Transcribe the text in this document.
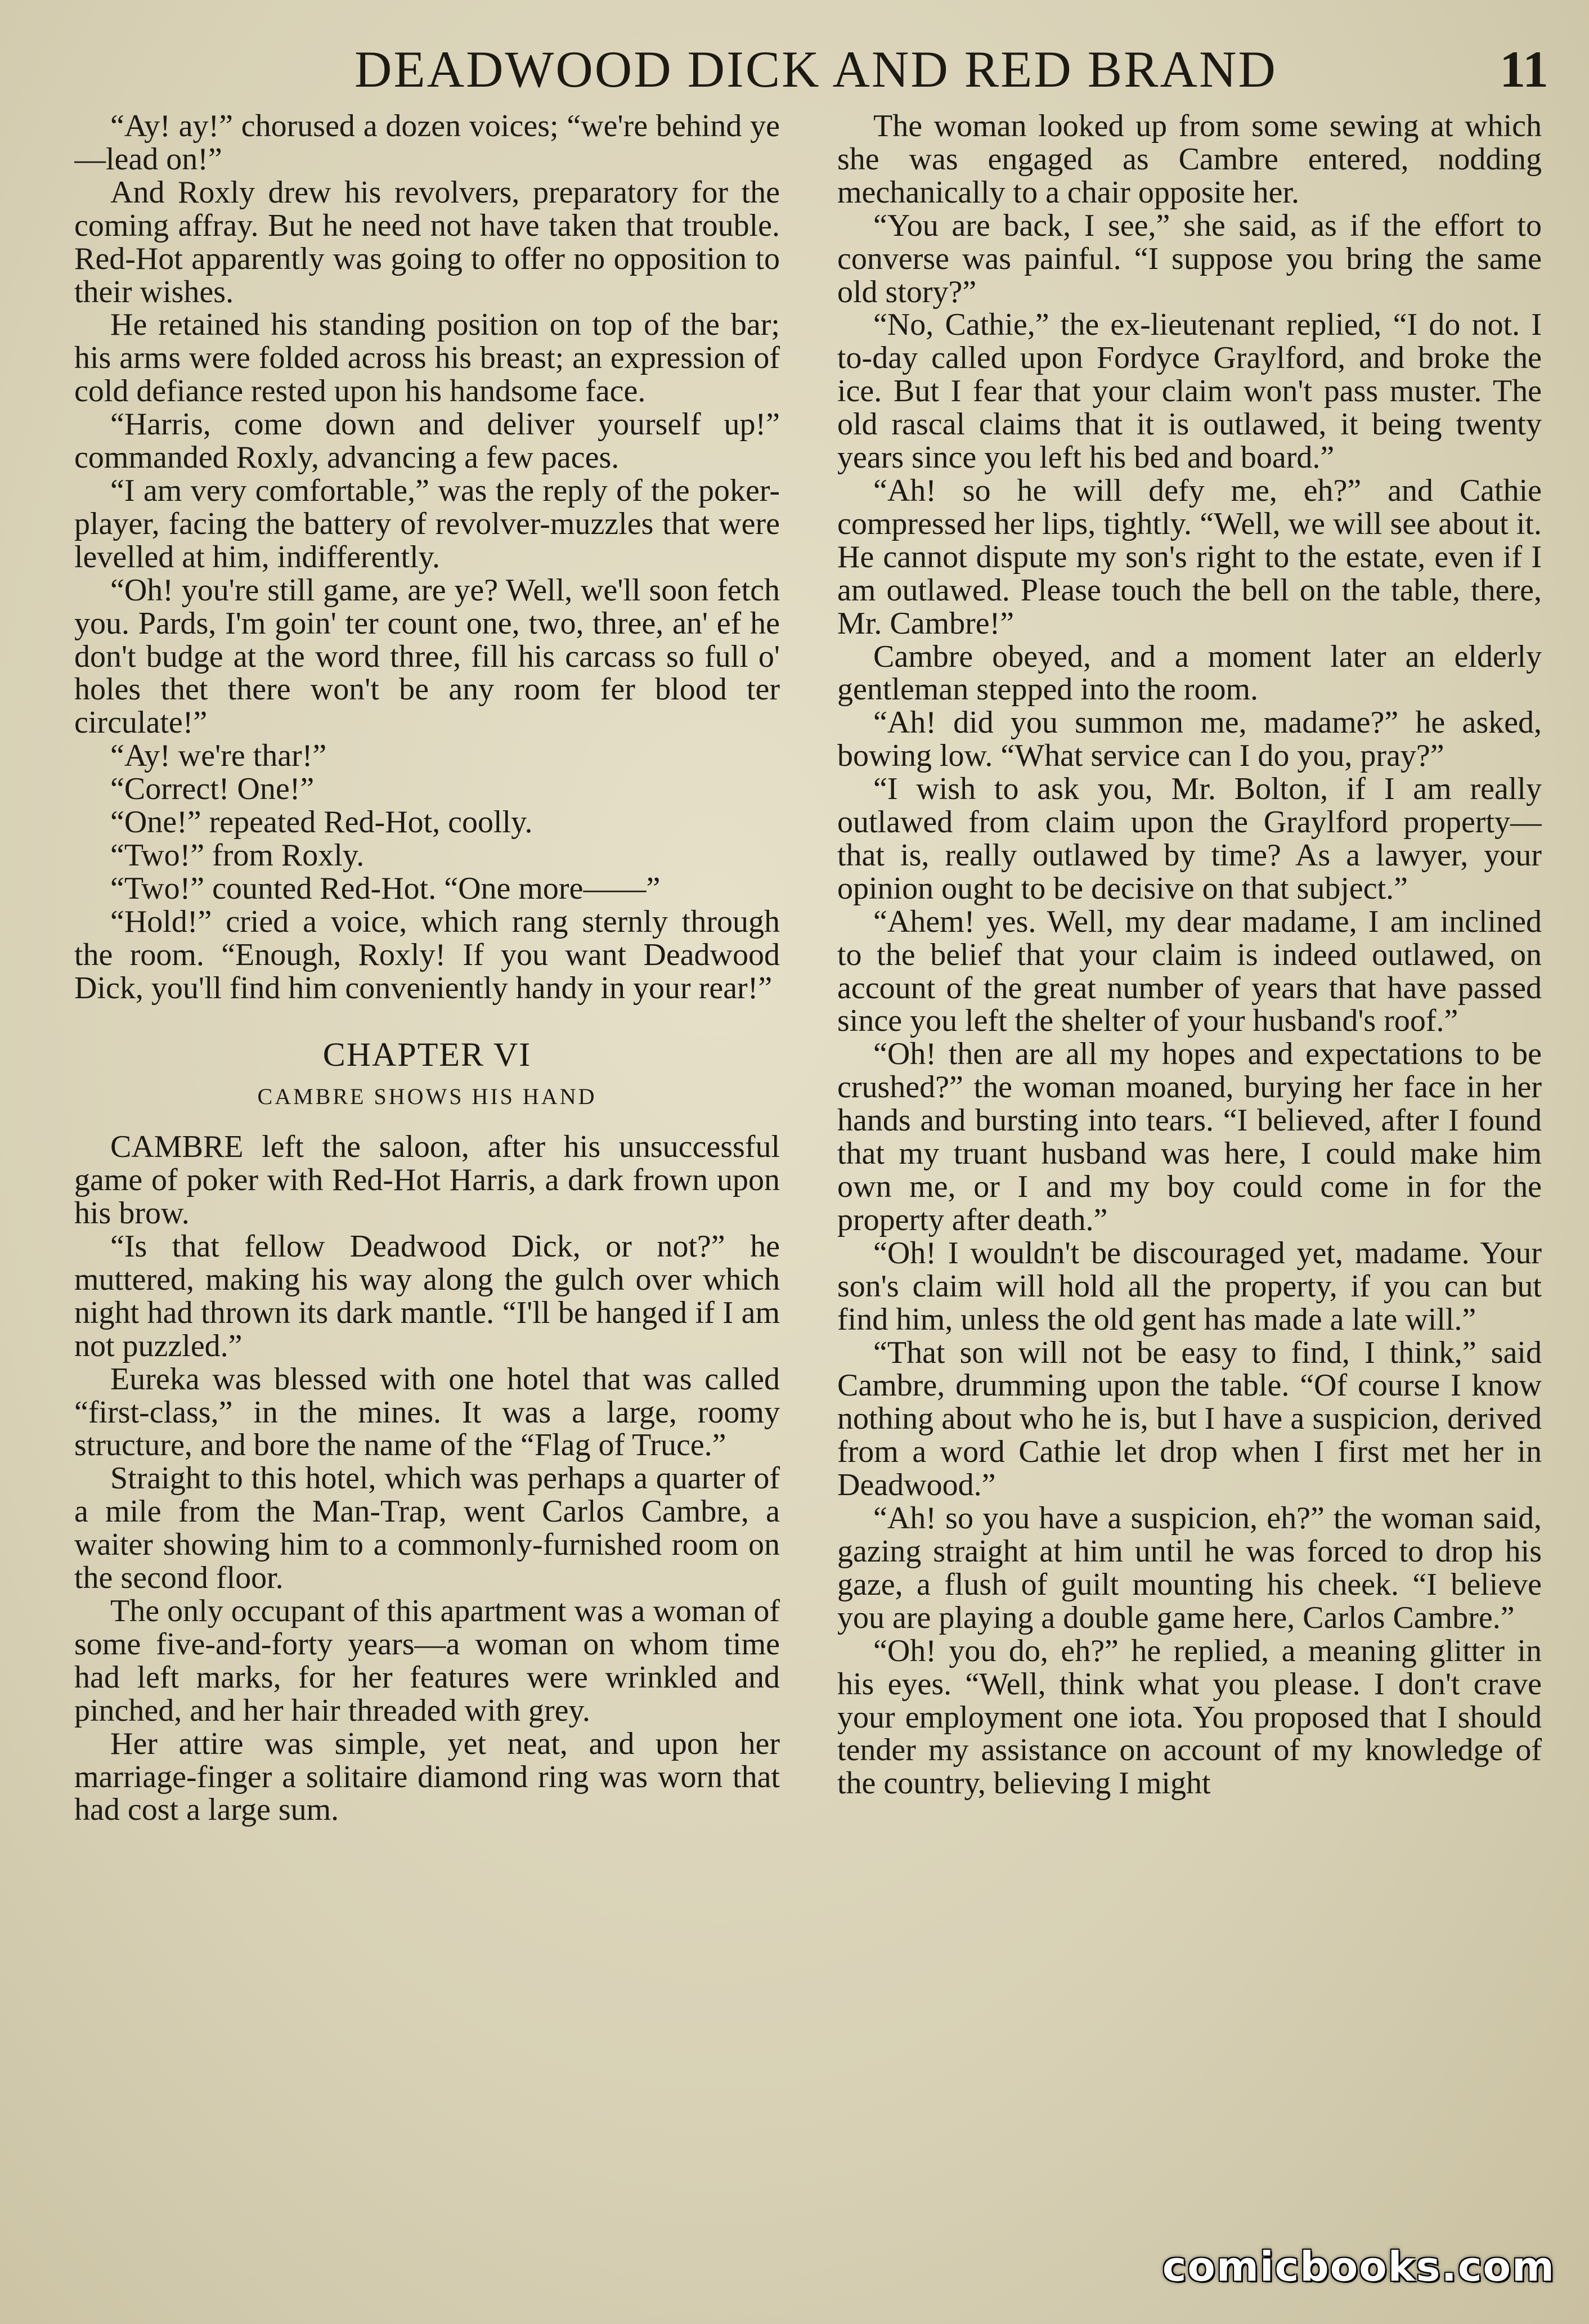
DEADWOOD DICK AND RED BRAND	11

“Ay! ay!” chorused a dozen voices; “we're behind ye—lead on!”

And Roxly drew his revolvers, preparatory for the coming affray. But he need not have taken that trouble. Red-Hot apparently was going to offer no opposition to their wishes.

He retained his standing position on top of the bar; his arms were folded across his breast; an expression of cold defiance rested upon his handsome face.

“Harris, come down and deliver yourself up!” commanded Roxly, advancing a few paces.

“I am very comfortable,” was the reply of the poker-player, facing the battery of revolver-muzzles that were levelled at him, indifferently.

“Oh! you're still game, are ye? Well, we'll soon fetch you. Pards, I'm goin' ter count one, two, three, an' ef he don't budge at the word three, fill his carcass so full o' holes thet there won't be any room fer blood ter circulate!”

“Ay! we're thar!”

“Correct! One!”

“One!” repeated Red-Hot, coolly.

“Two!” from Roxly.

“Two!” counted Red-Hot. “One more——”

“Hold!” cried a voice, which rang sternly through the room. “Enough, Roxly! If you want Deadwood Dick, you'll find him conveniently handy in your rear!”

CHAPTER VI

CAMBRE SHOWS HIS HAND

CAMBRE left the saloon, after his unsuccessful game of poker with Red-Hot Harris, a dark frown upon his brow.

“Is that fellow Deadwood Dick, or not?” he muttered, making his way along the gulch over which night had thrown its dark mantle. “I'll be hanged if I am not puzzled.”

Eureka was blessed with one hotel that was called “first-class,” in the mines. It was a large, roomy structure, and bore the name of the “Flag of Truce.”

Straight to this hotel, which was perhaps a quarter of a mile from the Man-Trap, went Carlos Cambre, a waiter showing him to a commonly-furnished room on the second floor.

The only occupant of this apartment was a woman of some five-and-forty years—a woman on whom time had left marks, for her features were wrinkled and pinched, and her hair threaded with grey.

Her attire was simple, yet neat, and upon her marriage-finger a solitaire diamond ring was worn that had cost a large sum.

The woman looked up from some sewing at which she was engaged as Cambre entered, nodding mechanically to a chair opposite her.

“You are back, I see,” she said, as if the effort to converse was painful. “I suppose you bring the same old story?”

“No, Cathie,” the ex-lieutenant replied, “I do not. I to-day called upon Fordyce Graylford, and broke the ice. But I fear that your claim won't pass muster. The old rascal claims that it is outlawed, it being twenty years since you left his bed and board.”

“Ah! so he will defy me, eh?” and Cathie compressed her lips, tightly. “Well, we will see about it. He cannot dispute my son's right to the estate, even if I am outlawed. Please touch the bell on the table, there, Mr. Cambre!”

Cambre obeyed, and a moment later an elderly gentleman stepped into the room.

“Ah! did you summon me, madame?” he asked, bowing low. “What service can I do you, pray?”

“I wish to ask you, Mr. Bolton, if I am really outlawed from claim upon the Graylford property—that is, really outlawed by time? As a lawyer, your opinion ought to be decisive on that subject.”

“Ahem! yes. Well, my dear madame, I am inclined to the belief that your claim is indeed outlawed, on account of the great number of years that have passed since you left the shelter of your husband's roof.”

“Oh! then are all my hopes and expectations to be crushed?” the woman moaned, burying her face in her hands and bursting into tears. “I believed, after I found that my truant husband was here, I could make him own me, or I and my boy could come in for the property after death.”

“Oh! I wouldn't be discouraged yet, madame. Your son's claim will hold all the property, if you can but find him, unless the old gent has made a late will.”

“That son will not be easy to find, I think,” said Cambre, drumming upon the table. “Of course I know nothing about who he is, but I have a suspicion, derived from a word Cathie let drop when I first met her in Deadwood.”

“Ah! so you have a suspicion, eh?” the woman said, gazing straight at him until he was forced to drop his gaze, a flush of guilt mounting his cheek. “I believe you are playing a double game here, Carlos Cambre.”

“Oh! you do, eh?” he replied, a meaning glitter in his eyes. “Well, think what you please. I don't crave your employment one iota. You proposed that I should tender my assistance on account of my knowledge of the country, believing I might

comicbooks.com
